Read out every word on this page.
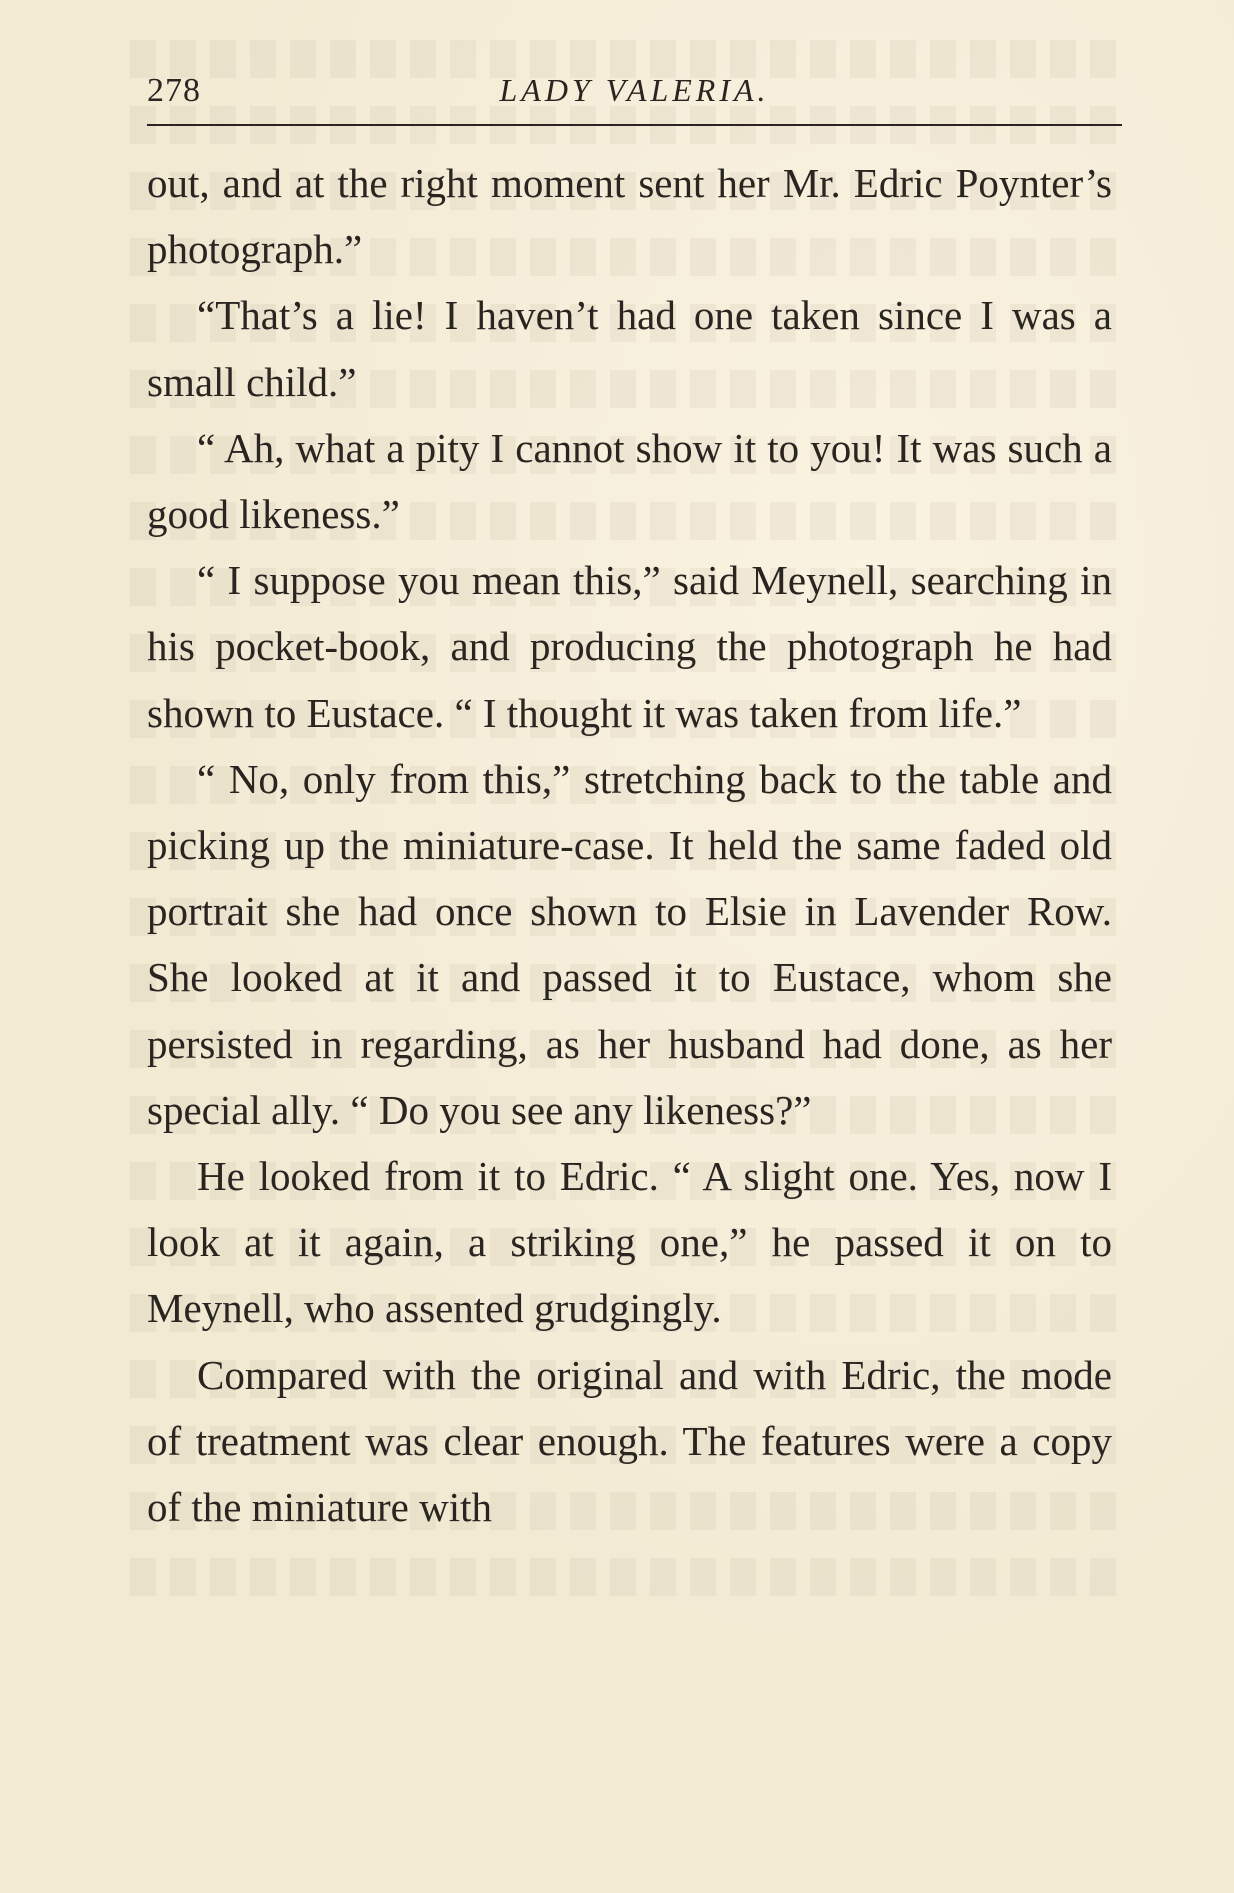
278	LADY VALERIA.

out, and at the right moment sent her Mr. Edric Poynter’s photograph.”

“That’s a lie! I haven’t had one taken since I was a small child.”

“ Ah, what a pity I cannot show it to you! It was such a good likeness.”

“ I suppose you mean this,” said Meynell, searching in his pocket-book, and producing the photograph he had shown to Eustace. “ I thought it was taken from life.”

“ No, only from this,” stretching back to the table and picking up the miniature-case. It held the same faded old portrait she had once shown to Elsie in Lavender Row. She looked at it and passed it to Eustace, whom she persisted in regarding, as her husband had done, as her special ally. “ Do you see any likeness?”

He looked from it to Edric. “ A slight one. Yes, now I look at it again, a striking one,” he passed it on to Meynell, who assented grudgingly.

Compared with the original and with Edric, the mode of treatment was clear enough. The features were a copy of the miniature with
